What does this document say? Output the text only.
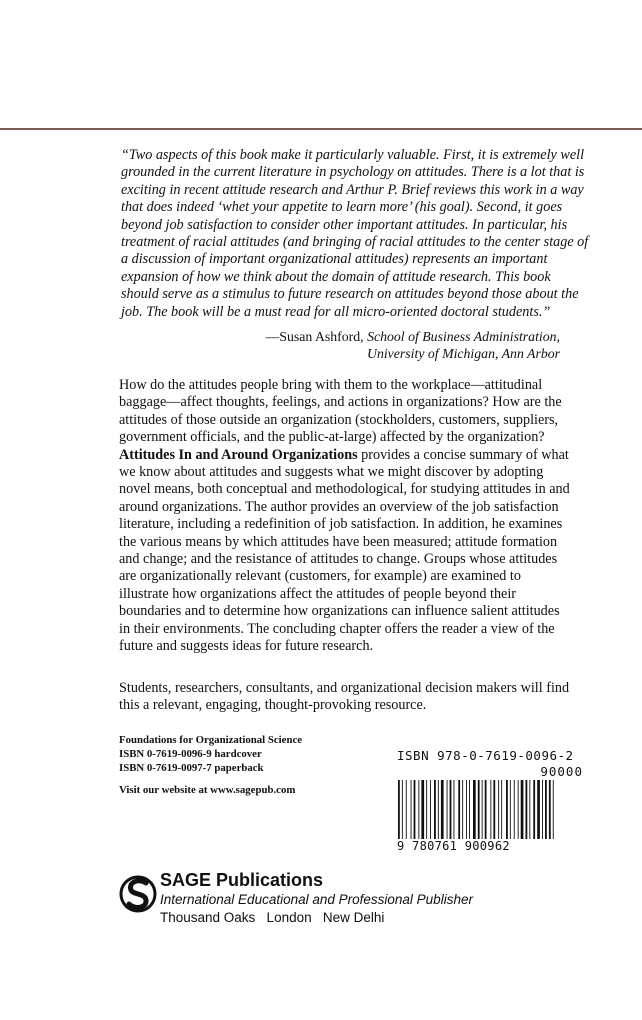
“Two aspects of this book make it particularly valuable. First, it is extremely well grounded in the current literature in psychology on attitudes. There is a lot that is exciting in recent attitude research and Arthur P. Brief reviews this work in a way that does indeed ‘whet your appetite to learn more’ (his goal). Second, it goes beyond job satisfaction to consider other important attitudes. In particular, his treatment of racial attitudes (and bringing of racial attitudes to the center stage of a discussion of important organizational attitudes) represents an important expansion of how we think about the domain of attitude research. This book should serve as a stimulus to future research on attitudes beyond those about the job. The book will be a must read for all micro-oriented doctoral students.”
—Susan Ashford, School of Business Administration,
University of Michigan, Ann Arbor
How do the attitudes people bring with them to the workplace—attitudinal baggage—affect thoughts, feelings, and actions in organizations? How are the attitudes of those outside an organization (stockholders, customers, suppliers, government officials, and the public-at-large) affected by the organization? Attitudes In and Around Organizations provides a concise summary of what we know about attitudes and suggests what we might discover by adopting novel means, both conceptual and methodological, for studying attitudes in and around organizations. The author provides an overview of the job satisfaction literature, including a redefinition of job satisfaction. In addition, he examines the various means by which attitudes have been measured; attitude formation and change; and the resistance of attitudes to change. Groups whose attitudes are organizationally relevant (customers, for example) are examined to illustrate how organizations affect the attitudes of people beyond their boundaries and to determine how organizations can influence salient attitudes in their environments. The concluding chapter offers the reader a view of the future and suggests ideas for future research.
Students, researchers, consultants, and organizational decision makers will find this a relevant, engaging, thought-provoking resource.
Foundations for Organizational Science
ISBN 0-7619-0096-9 hardcover
ISBN 0-7619-0097-7 paperback
Visit our website at www.sagepub.com
ISBN 978-0-7619-0096-2
90000
9 780761 900962
SAGE Publications
International Educational and Professional Publisher
Thousand Oaks   London   New Delhi
